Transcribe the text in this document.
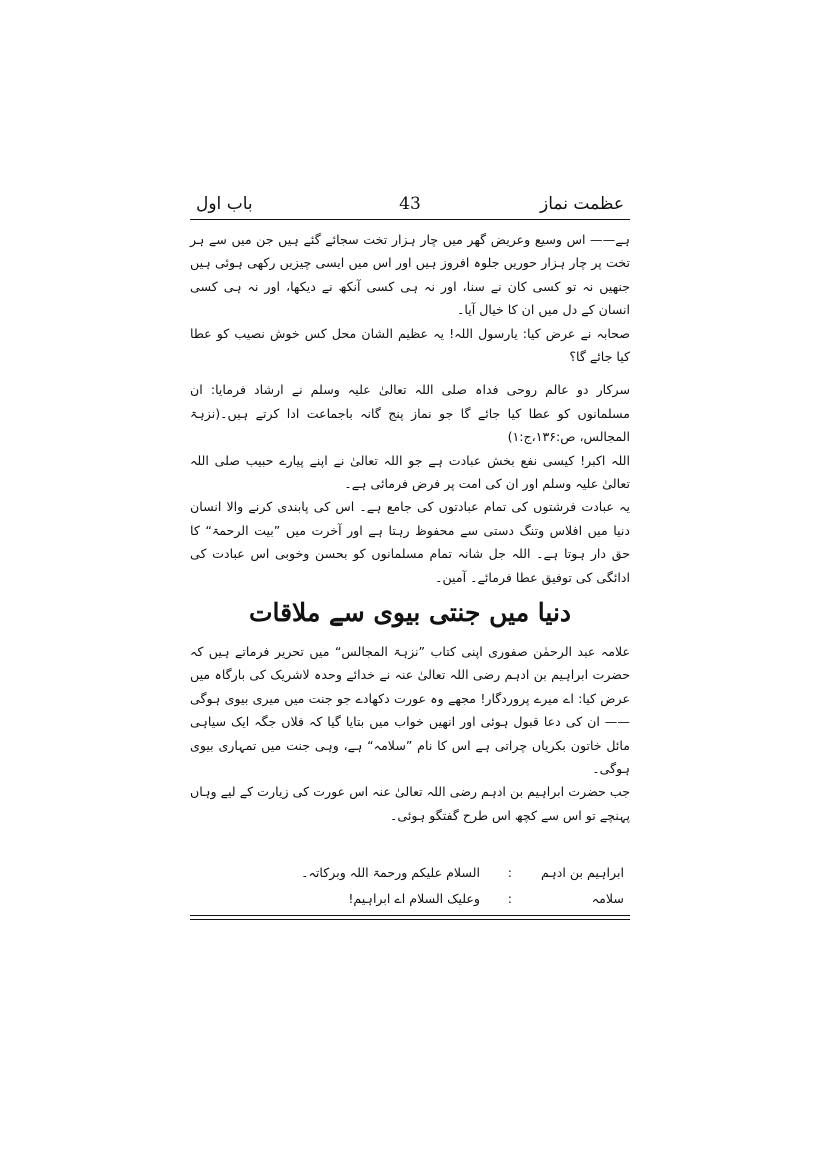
عظمت نماز
43
باب اول

ہے—— اس وسیع وعریض گھر میں چار ہزار تخت سجائے گئے ہیں جن میں سے ہر تخت پر چار ہزار حوریں جلوہ افروز ہیں اور اس میں ایسی چیزیں رکھی ہوئی ہیں جنھیں نہ تو کسی کان نے سنا، اور نہ ہی کسی آنکھ نے دیکھا، اور نہ ہی کسی انسان کے دل میں ان کا خیال آیا۔

صحابہ نے عرض کیا: یارسول اللہ! یہ عظیم الشان محل کس خوش نصیب کو عطا کیا جائے گا؟

سرکار دو عالم روحی فداہ صلی اللہ تعالیٰ علیہ وسلم نے ارشاد فرمایا: ان مسلمانوں کو عطا کیا جائے گا جو نماز پنج گانہ باجماعت ادا کرتے ہیں۔(نزہۃ المجالس، ص:۱۳۶،ج:۱)

اللہ اکبر! کیسی نفع بخش عبادت ہے جو اللہ تعالیٰ نے اپنے پیارے حبیب صلی اللہ تعالیٰ علیہ وسلم اور ان کی امت پر فرض فرمائی ہے۔

یہ عبادت فرشتوں کی تمام عبادتوں کی جامع ہے۔ اس کی پابندی کرنے والا انسان دنیا میں افلاس وتنگ دستی سے محفوظ رہتا ہے اور آخرت میں ”بیت الرحمۃ“ کا حق دار ہوتا ہے۔ اللہ جل شانہ تمام مسلمانوں کو بحسن وخوبی اس عبادت کی ادائگی کی توفیق عطا فرمائے۔ آمین۔

دنیا میں جنتی بیوی سے ملاقات

علامہ عبد الرحمٰن صفوری اپنی کتاب ”نزہۃ المجالس“ میں تحریر فرماتے ہیں کہ حضرت ابراہیم بن ادہم رضی اللہ تعالیٰ عنہ نے خدائے وحدہ لاشریک کی بارگاہ میں عرض کیا: اے میرے پروردگار! مجھے وہ عورت دکھادے جو جنت میں میری بیوی ہوگی —— ان کی دعا قبول ہوئی اور انھیں خواب میں بتایا گیا کہ فلاں جگہ ایک سیاہی مائل خاتون بکریاں چراتی ہے اس کا نام ”سلامہ“ ہے، وہی جنت میں تمہاری بیوی ہوگی۔

جب حضرت ابراہیم بن ادہم رضی اللہ تعالیٰ عنہ اس عورت کی زیارت کے لیے وہاں پہنچے تو اس سے کچھ اس طرح گفتگو ہوئی۔

ابراہیم بن ادہم
:
السلام علیکم ورحمۃ اللہ وبرکاتہ۔
سلامہ
:
وعلیک السلام اے ابراہیم!
